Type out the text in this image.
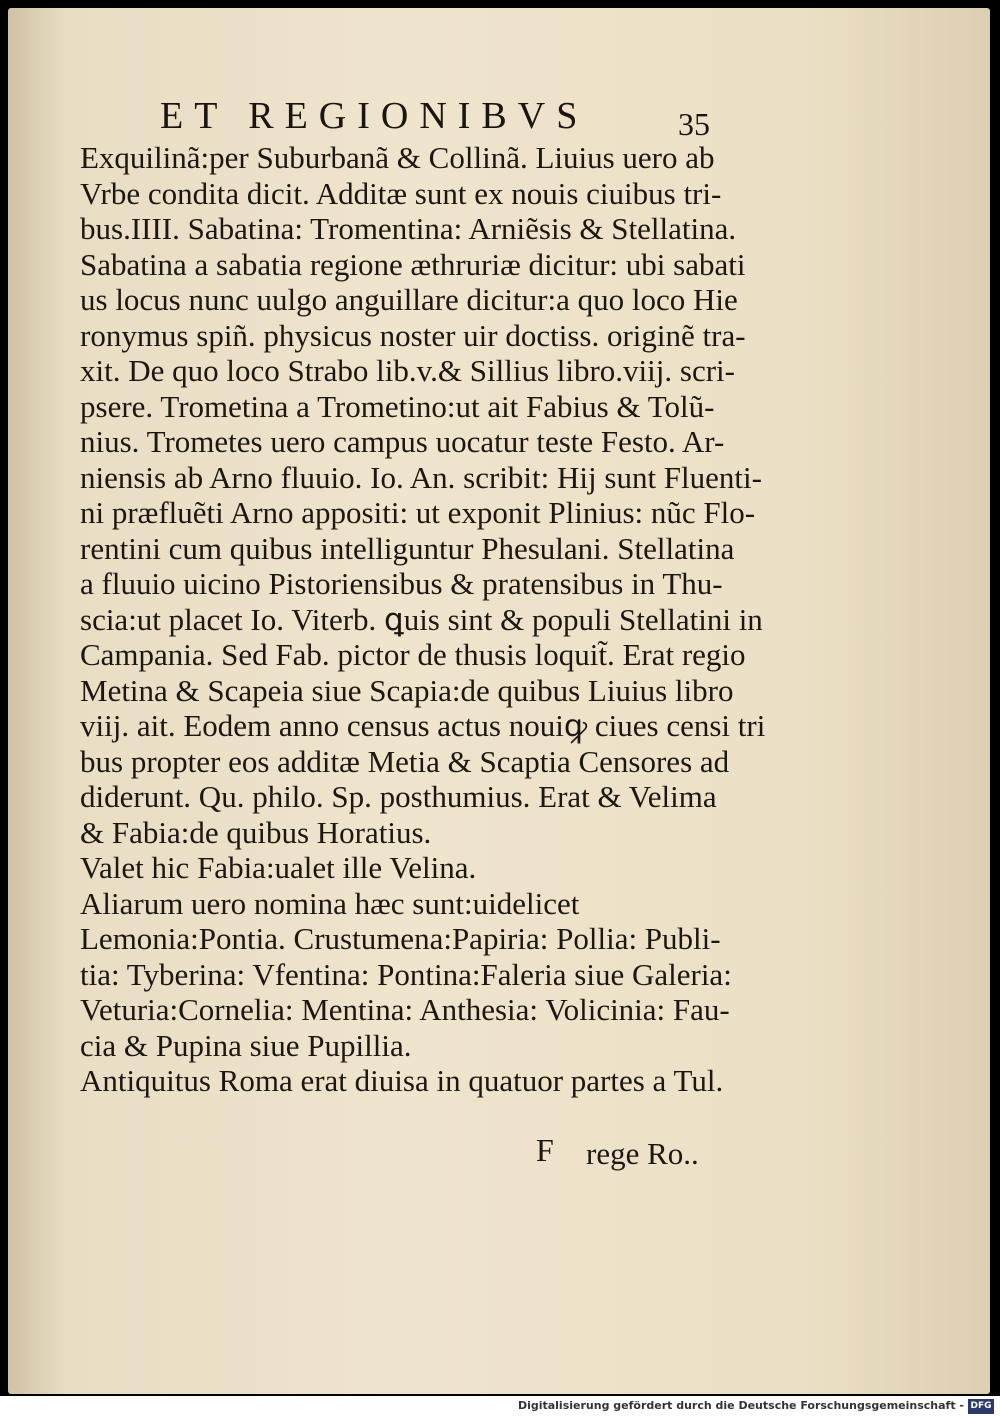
ET REGIONIBVS	35
Exquilinã:per Suburbanã & Collinã. Liuius uero ab
Vrbe condita dicit. Additæ sunt ex nouis ciuibus tri-
bus.IIII. Sabatina: Tromentina: Arniẽsis & Stellatina.
Sabatina a sabatia regione æthruriæ dicitur: ubi sabati
us locus nunc uulgo anguillare dicitur:a quo loco Hie
ronymus spiñ. physicus noster uir doctiss. originẽ tra-
xit. De quo loco Strabo lib.v.& Sillius libro.viij. scri-
psere. Trometina a Trometino:ut ait Fabius & Tolũ-
nius. Trometes uero campus uocatur teste Festo. Ar-
niensis ab Arno fluuio. Io. An. scribit: Hij sunt Fluenti-
ni præfluẽti Arno appositi: ut exponit Plinius: nũc Flo-
rentini cum quibus intelliguntur Phesulani. Stellatina
a fluuio uicino Pistoriensibus & pratensibus in Thu-
scia:ut placet Io. Viterb. ꝗuis sint & populi Stellatini in
Campania. Sed Fab. pictor de thusis loquit̃. Erat regio
Metina & Scapeia siue Scapia:de quibus Liuius libro
viij. ait. Eodem anno census actus nouiꝙ ciues censi tri
bus propter eos additæ Metia & Scaptia Censores ad
diderunt. Qu. philo. Sp. posthumius. Erat & Velima
& Fabia:de quibus Horatius.
Valet hic Fabia:ualet ille Velina.
Aliarum uero nomina hæc sunt:uidelicet
Lemonia:Pontia. Crustumena:Papiria: Pollia: Publi-
tia: Tyberina: Vfentina: Pontina:Faleria siue Galeria:
Veturia:Cornelia: Mentina: Anthesia: Volicinia: Fau-
cia & Pupina siue Pupillia.
Antiquitus Roma erat diuisa in quatuor partes a Tul.
F rege Ro..
Digitalisierung gefördert durch die Deutsche Forschungsgemeinschaft - DFG
